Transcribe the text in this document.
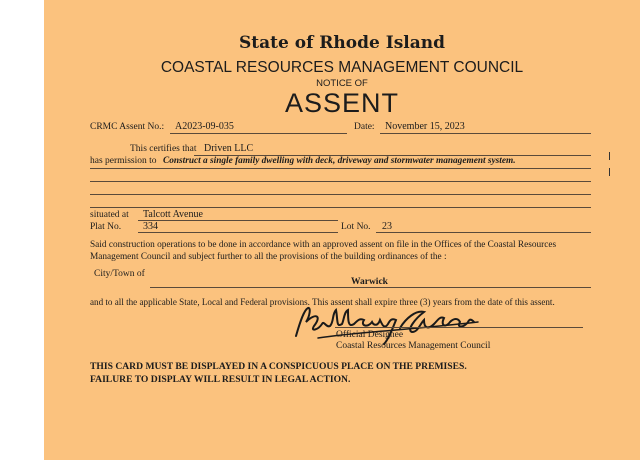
State of Rhode Island
COASTAL RESOURCES MANAGEMENT COUNCIL
NOTICE OF
ASSENT
CRMC Assent No.: A2023-09-035	Date: November 15, 2023
This certifies that Driven LLC
has permission to Construct a single family dwelling with deck, driveway and stormwater management system.
situated at Talcott Avenue
Plat No. 334	Lot No. 23
Said construction operations to be done in accordance with an approved assent on file in the Offices of the Coastal Resources
Management Council and subject further to all the provisions of the building ordinances of the :
City/Town of
Warwick
and to all the applicable State, Local and Federal provisions. This assent shall expire three (3) years from the date of this assent.
Official Designee
Coastal Resources Management Council
THIS CARD MUST BE DISPLAYED IN A CONSPICUOUS PLACE ON THE PREMISES.
FAILURE TO DISPLAY WILL RESULT IN LEGAL ACTION.
